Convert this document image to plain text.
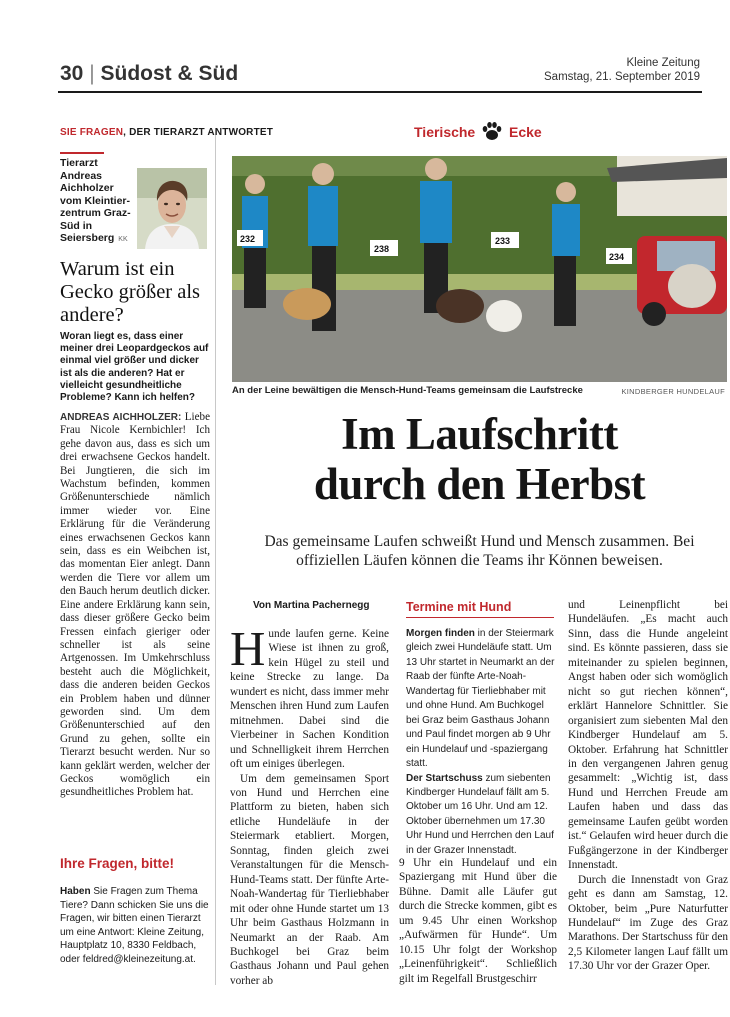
30 | Südost & Süd	Kleine Zeitung
Samstag, 21. September 2019
SIE FRAGEN, DER TIERARZT ANTWORTET
Tierarzt Andreas Aichholzer vom Kleintier-zentrum Graz-Süd in Seiersberg KK
Warum ist ein Gecko größer als andere?
Woran liegt es, dass einer meiner drei Leopardgeckos auf einmal viel größer und dicker ist als die anderen? Hat er vielleicht gesundheitliche Probleme? Kann ich helfen?
ANDREAS AICHHOLZER: Liebe Frau Nicole Kernbichler! Ich gehe davon aus, dass es sich um drei erwachsene Geckos handelt. Bei Jungtieren, die sich im Wachstum befinden, kommen Größenunterschiede nämlich immer wieder vor. Eine Erklärung für die Veränderung eines erwachsenen Geckos kann sein, dass es ein Weibchen ist, das momentan Eier anlegt. Dann werden die Tiere vor allem um den Bauch herum deutlich dicker. Eine andere Erklärung kann sein, dass dieser größere Gecko beim Fressen einfach gieriger oder schneller ist als seine Artgenossen. Im Umkehrschluss besteht auch die Möglichkeit, dass die anderen beiden Geckos ein Problem haben und dünner geworden sind. Um dem Größenunterschied auf den Grund zu gehen, sollte ein Tierarzt besucht werden. Nur so kann geklärt werden, welcher der Geckos womöglich ein gesundheitliches Problem hat.
Ihre Fragen, bitte!
Haben Sie Fragen zum Thema Tiere? Dann schicken Sie uns die Fragen, wir bitten einen Tierarzt um eine Antwort: Kleine Zeitung, Hauptplatz 10, 8330 Feldbach, oder feldred@kleinezeitung.at.
Tierische Ecke
232
238
233
234
An der Leine bewältigen die Mensch-Hund-Teams gemeinsam die Laufstrecke	KINDBERGER HUNDELAUF
Im Laufschritt
durch den Herbst
Das gemeinsame Laufen schweißt Hund und Mensch zusammen. Bei offiziellen Läufen können die Teams ihr Können beweisen.
Von Martina Pachernegg

Hunde laufen gerne. Keine Wiese ist ihnen zu groß, kein Hügel zu steil und keine Strecke zu lange. Da wundert es nicht, dass immer mehr Menschen ihren Hund zum Laufen mitnehmen. Dabei sind die Vierbeiner in Sachen Kondition und Schnelligkeit ihrem Herrchen oft um einiges überlegen.

Um dem gemeinsamen Sport von Hund und Herrchen eine Plattform zu bieten, haben sich etliche Hundeläufe in der Steiermark etabliert. Morgen, Sonntag, finden gleich zwei Veranstaltungen für die Mensch-Hund-Teams statt. Der fünfte Arte-Noah-Wandertag für Tierliebhaber mit oder ohne Hunde startet um 13 Uhr beim Gasthaus Holzmann in Neumarkt an der Raab. Am Buchkogel bei Graz beim Gasthaus Johann und Paul gehen vorher ab

Termine mit Hund
Morgen finden in der Steiermark gleich zwei Hundeläufe statt. Um 13 Uhr startet in Neumarkt an der Raab der fünfte Arte-Noah-Wandertag für Tierliebhaber mit und ohne Hund. Am Buchkogel bei Graz beim Gasthaus Johann und Paul findet morgen ab 9 Uhr ein Hundelauf und -spaziergang statt.
Der Startschuss zum siebenten Kindberger Hundelauf fällt am 5. Oktober um 16 Uhr. Und am 12. Oktober übernehmen um 17.30 Uhr Hund und Herrchen den Lauf in der Grazer Innenstadt.

9 Uhr ein Hundelauf und ein Spaziergang mit Hund über die Bühne. Damit alle Läufer gut durch die Strecke kommen, gibt es um 9.45 Uhr einen Workshop „Aufwärmen für Hunde“. Um 10.15 Uhr folgt der Workshop „Leinenführigkeit“. Schließlich gilt im Regelfall Brustgeschirr

und Leinenpflicht bei Hundeläufen. „Es macht auch Sinn, dass die Hunde angeleint sind. Es könnte passieren, dass sie miteinander zu spielen beginnen, Angst haben oder sich womöglich nicht so gut riechen können“, erklärt Hannelore Schnittler. Sie organisiert zum siebenten Mal den Kindberger Hundelauf am 5. Oktober. Erfahrung hat Schnittler in den vergangenen Jahren genug gesammelt: „Wichtig ist, dass Hund und Herrchen Freude am Laufen haben und dass das gemeinsame Laufen geübt worden ist.“ Gelaufen wird heuer durch die Fußgängerzone in der Kindberger Innenstadt.

Durch die Innenstadt von Graz geht es dann am Samstag, 12. Oktober, beim „Pure Naturfutter Hundelauf“ im Zuge des Graz Marathons. Der Startschuss für den 2,5 Kilometer langen Lauf fällt um 17.30 Uhr vor der Grazer Oper.
